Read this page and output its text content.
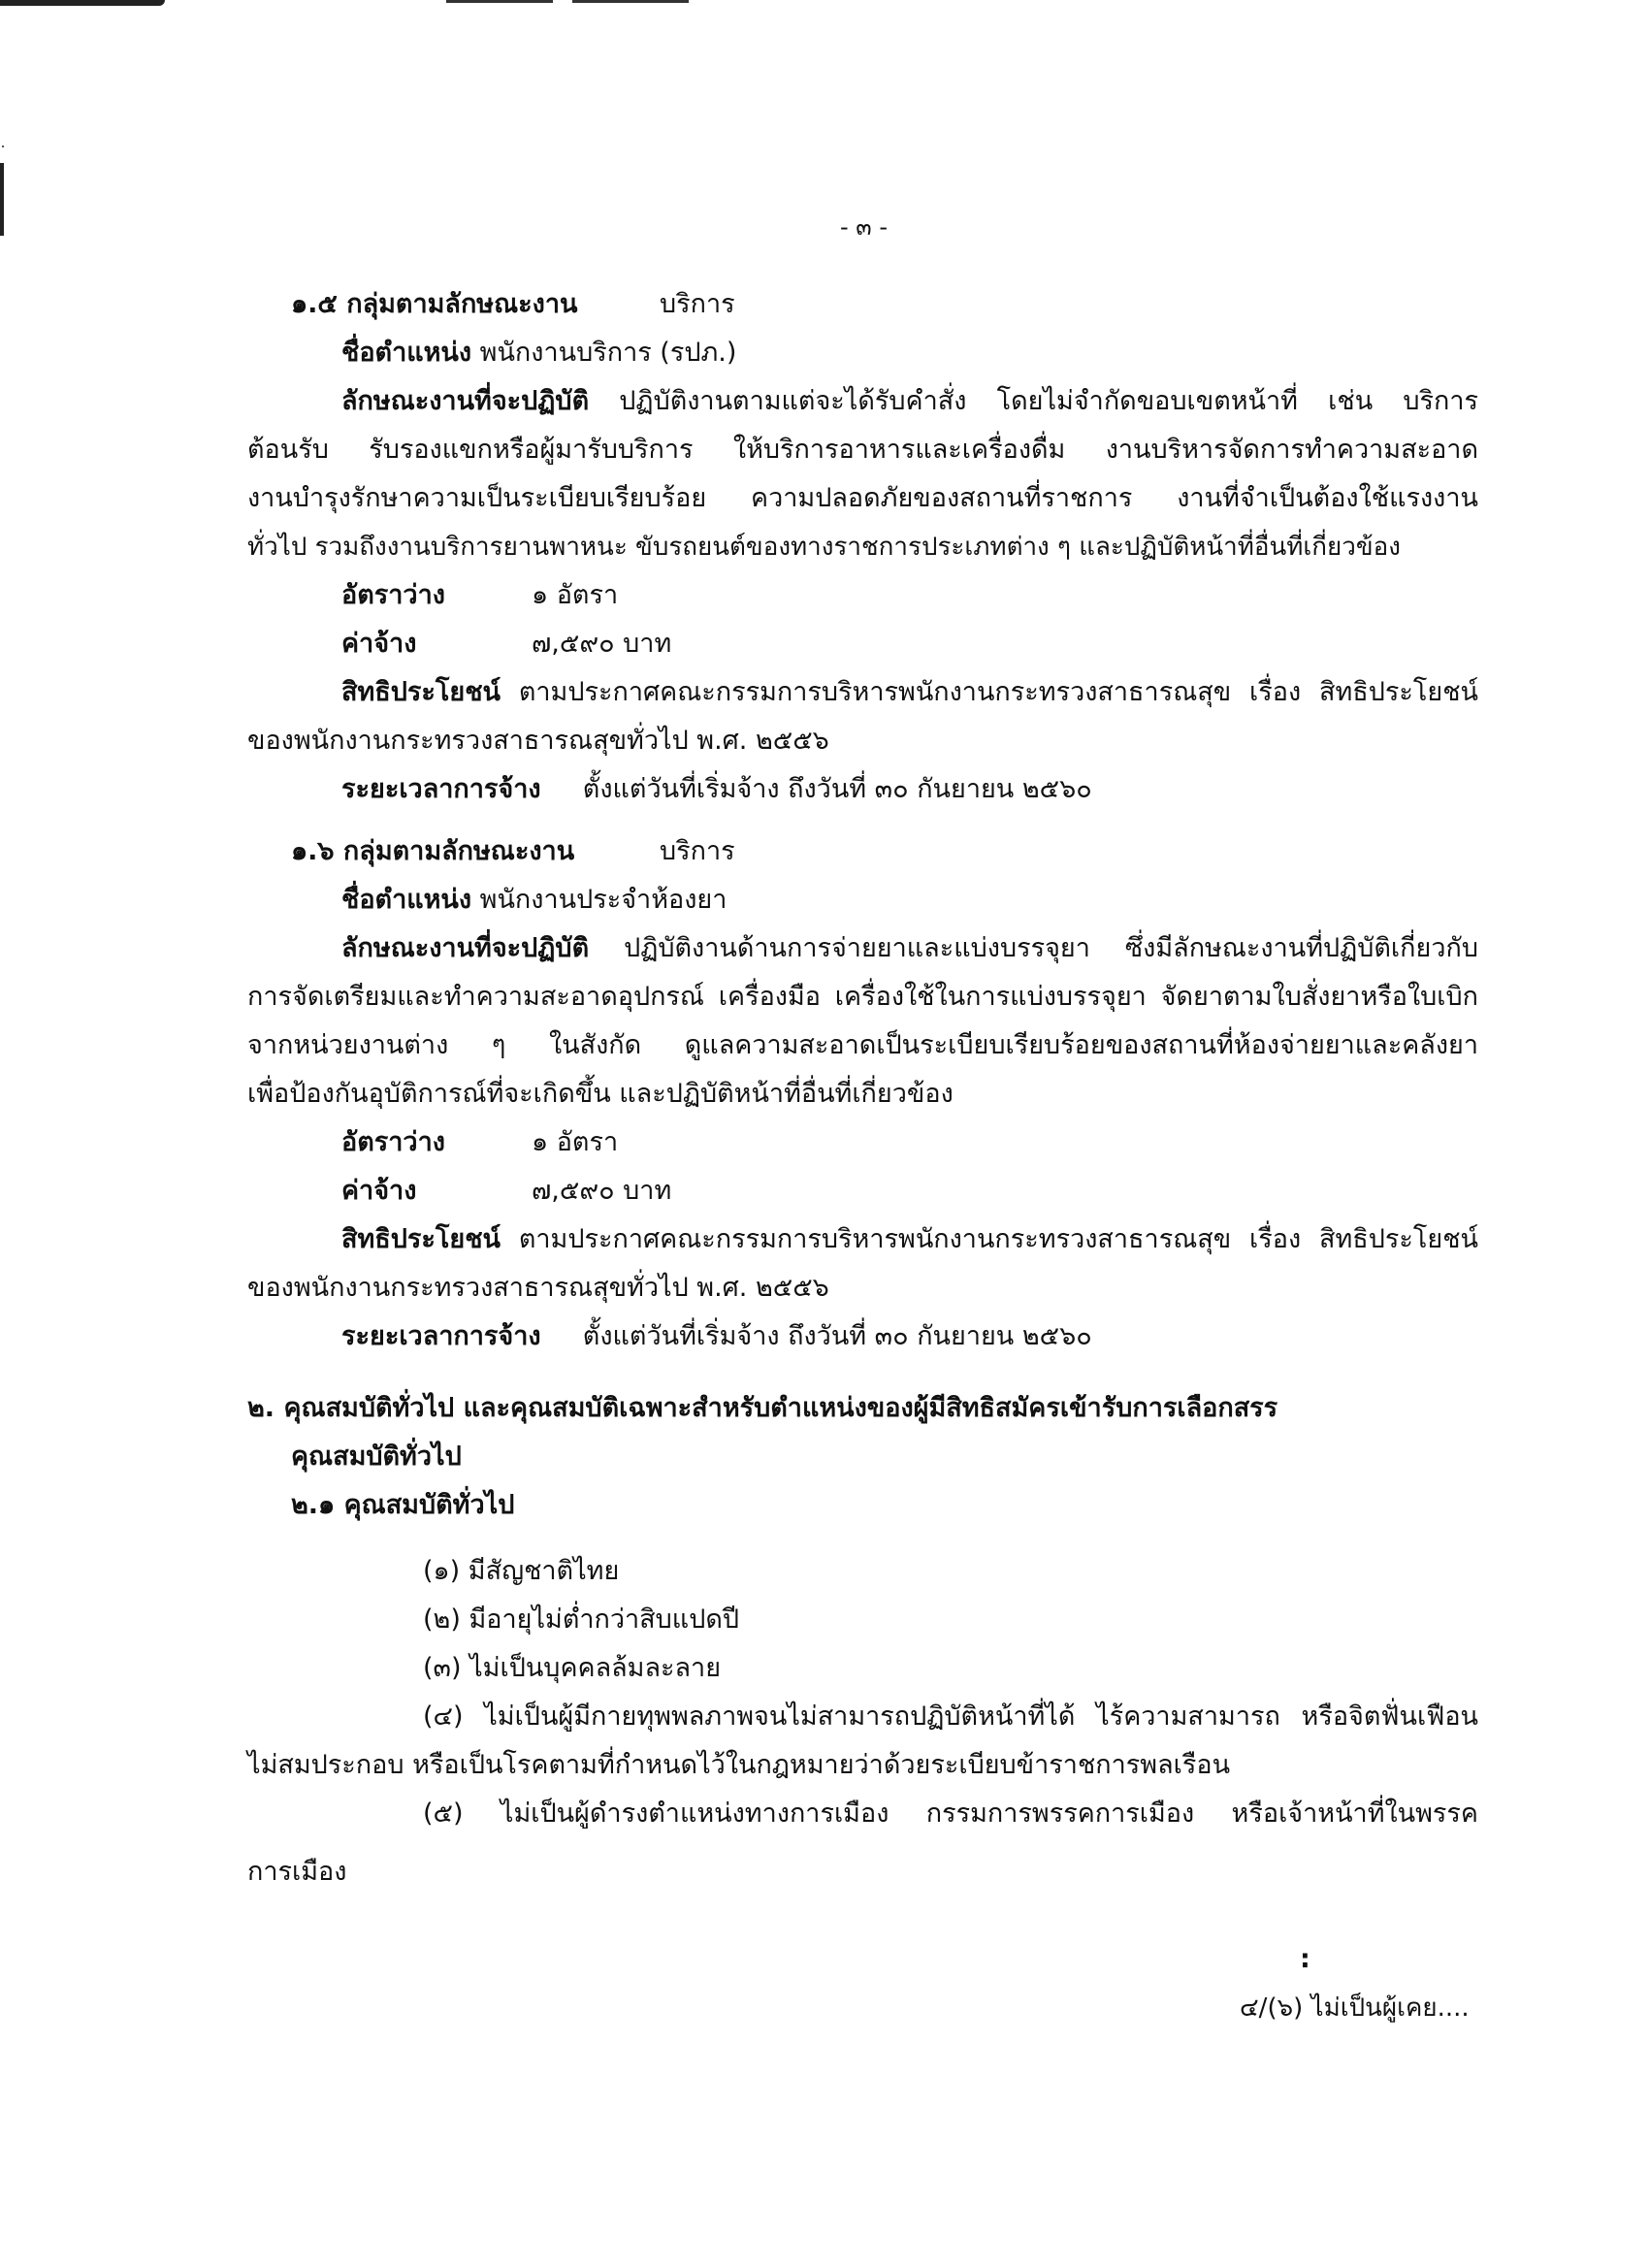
- ๓ -
๑.๕ กลุ่มตามลักษณะงาน	บริการ
ชื่อตำแหน่ง พนักงานบริการ (รปภ.)
ลักษณะงานที่จะปฏิบัติ ปฏิบัติงานตามแต่จะได้รับคำสั่ง โดยไม่จำกัดขอบเขตหน้าที่ เช่น บริการ
ต้อนรับ รับรองแขกหรือผู้มารับบริการ ให้บริการอาหารและเครื่องดื่ม งานบริหารจัดการทำความสะอาด
งานบำรุงรักษาความเป็นระเบียบเรียบร้อย ความปลอดภัยของสถานที่ราชการ งานที่จำเป็นต้องใช้แรงงาน
ทั่วไป รวมถึงงานบริการยานพาหนะ ขับรถยนต์ของทางราชการประเภทต่าง ๆ และปฏิบัติหน้าที่อื่นที่เกี่ยวข้อง
อัตราว่าง	๑ อัตรา
ค่าจ้าง	๗,๕๙๐ บาท
สิทธิประโยชน์ ตามประกาศคณะกรรมการบริหารพนักงานกระทรวงสาธารณสุข เรื่อง สิทธิประโยชน์
ของพนักงานกระทรวงสาธารณสุขทั่วไป พ.ศ. ๒๕๕๖
ระยะเวลาการจ้าง ตั้งแต่วันที่เริ่มจ้าง ถึงวันที่ ๓๐ กันยายน ๒๕๖๐
๑.๖ กลุ่มตามลักษณะงาน	บริการ
ชื่อตำแหน่ง พนักงานประจำห้องยา
ลักษณะงานที่จะปฏิบัติ ปฏิบัติงานด้านการจ่ายยาและแบ่งบรรจุยา ซึ่งมีลักษณะงานที่ปฏิบัติเกี่ยวกับ
การจัดเตรียมและทำความสะอาดอุปกรณ์ เครื่องมือ เครื่องใช้ในการแบ่งบรรจุยา จัดยาตามใบสั่งยาหรือใบเบิก
จากหน่วยงานต่าง ๆ ในสังกัด ดูแลความสะอาดเป็นระเบียบเรียบร้อยของสถานที่ห้องจ่ายยาและคลังยา
เพื่อป้องกันอุบัติการณ์ที่จะเกิดขึ้น และปฏิบัติหน้าที่อื่นที่เกี่ยวข้อง
อัตราว่าง	๑ อัตรา
ค่าจ้าง	๗,๕๙๐ บาท
สิทธิประโยชน์ ตามประกาศคณะกรรมการบริหารพนักงานกระทรวงสาธารณสุข เรื่อง สิทธิประโยชน์
ของพนักงานกระทรวงสาธารณสุขทั่วไป พ.ศ. ๒๕๕๖
ระยะเวลาการจ้าง ตั้งแต่วันที่เริ่มจ้าง ถึงวันที่ ๓๐ กันยายน ๒๕๖๐
๒. คุณสมบัติทั่วไป และคุณสมบัติเฉพาะสำหรับตำแหน่งของผู้มีสิทธิสมัครเข้ารับการเลือกสรร
คุณสมบัติทั่วไป
๒.๑ คุณสมบัติทั่วไป
(๑) มีสัญชาติไทย
(๒) มีอายุไม่ต่ำกว่าสิบแปดปี
(๓) ไม่เป็นบุคคลล้มละลาย
(๔) ไม่เป็นผู้มีกายทุพพลภาพจนไม่สามารถปฏิบัติหน้าที่ได้ ไร้ความสามารถ หรือจิตฟั่นเฟือน
ไม่สมประกอบ หรือเป็นโรคตามที่กำหนดไว้ในกฎหมายว่าด้วยระเบียบข้าราชการพลเรือน
(๕) ไม่เป็นผู้ดำรงตำแหน่งทางการเมือง กรรมการพรรคการเมือง หรือเจ้าหน้าที่ในพรรค
การเมือง
:
๔/(๖) ไม่เป็นผู้เคย....
